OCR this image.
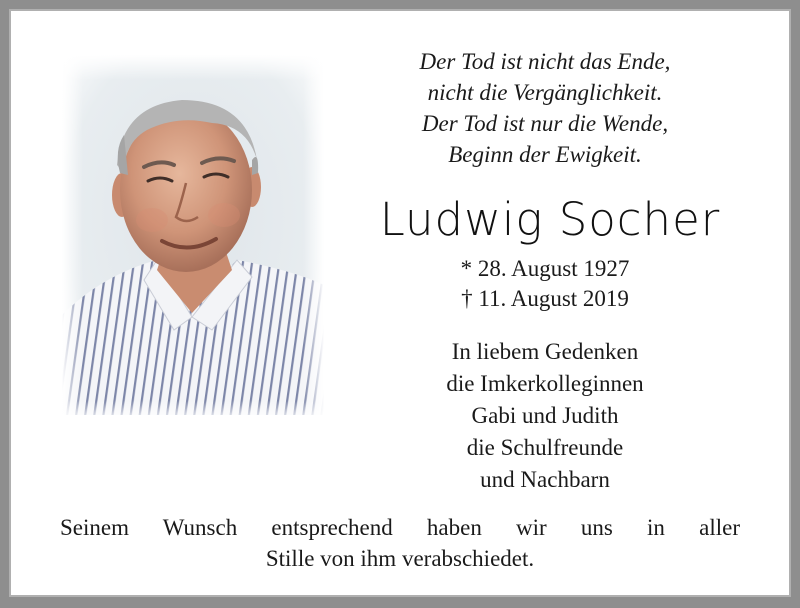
Der Tod ist nicht das Ende,
nicht die Vergänglichkeit.
Der Tod ist nur die Wende,
Beginn der Ewigkeit.
Ludwig Socher
* 28. August 1927
† 11. August 2019
In liebem Gedenken
die Imkerkolleginnen
Gabi und Judith
die Schulfreunde
und Nachbarn
Seinem Wunsch entsprechend haben wir uns in aller
Stille von ihm verabschiedet.
